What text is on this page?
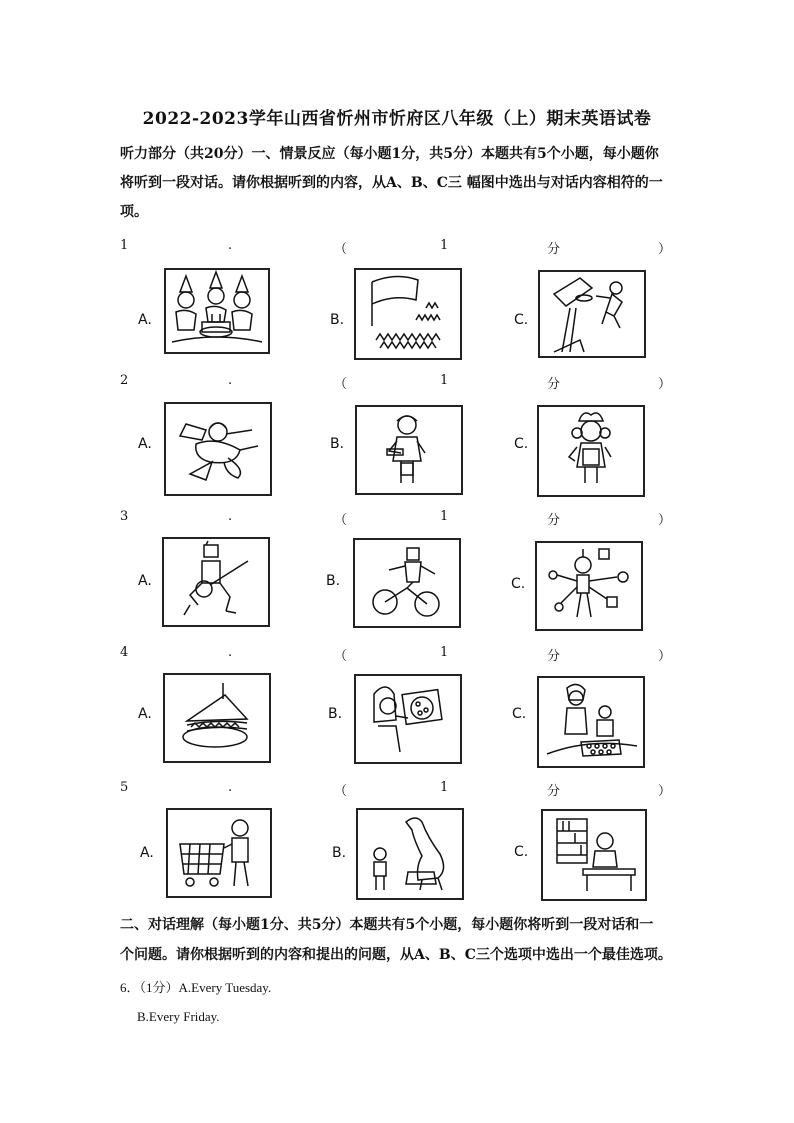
2022-2023学年山西省忻州市忻府区八年级（上）期末英语试卷
听力部分（共20分）一、情景反应（每小题1分，共5分）本题共有5个小题，每小题你
将听到一段对话。请你根据听到的内容，从A、B、C三 幅图中选出与对话内容相符的一
项。
二、对话理解（每小题1分、共5分）本题共有5个小题，每小题你将听到一段对话和一
个问题。请你根据听到的内容和提出的问题，从A、B、C三个选项中选出一个最佳选项。
6．（1分）A.Every Tuesday.
B.Every Friday.
1	.	（	1	分	）
2	.	（	1	分	）
3	.	（	1	分	）
4	.	（	1	分	）
5	.	（	1	分	）
A.	B.	C.
A.	B.	C.
A.	B.	C.
A.	B.	C.
A.	B.	C.
